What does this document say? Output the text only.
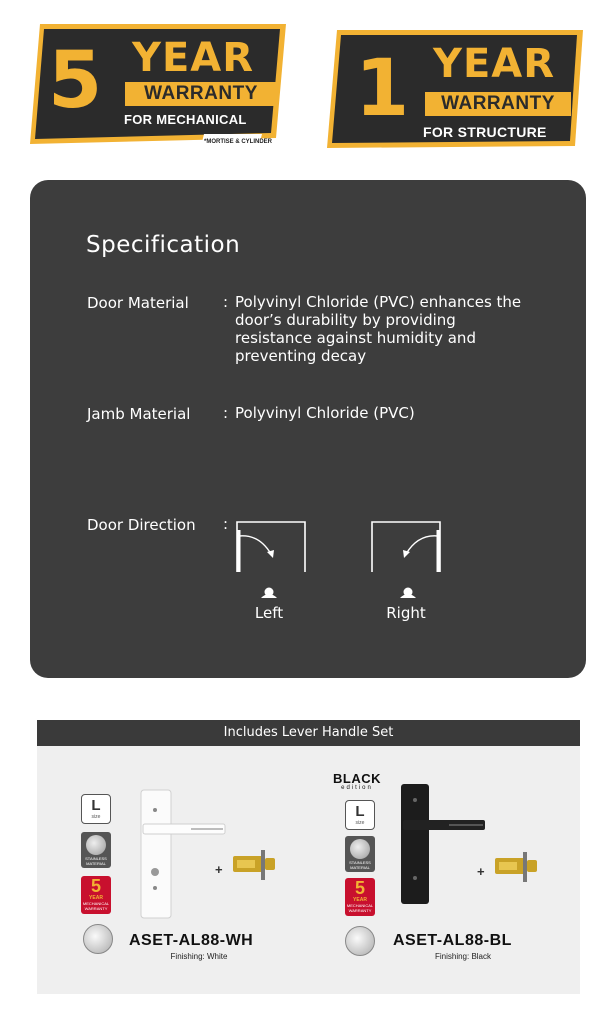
5 YEAR
WARRANTY
FOR MECHANICAL
*MORTISE & CYLINDER
1 YEAR
WARRANTY
FOR STRUCTURE
Specification
Door Material : Polyvinyl Chloride (PVC) enhances the door’s durability by providing resistance against humidity and preventing decay
Jamb Material : Polyvinyl Chloride (PVC)
Door Direction :
Left	Right
Includes Lever Handle Set
L
size
STAINLESS MATERIAL
5
YEAR
MECHANICAL WARRANTY
+
ASET-AL88-WH
Finishing: White
BLACK
edition
L
size
STAINLESS MATERIAL
5
YEAR
MECHANICAL WARRANTY
+
ASET-AL88-BL
Finishing: Black
